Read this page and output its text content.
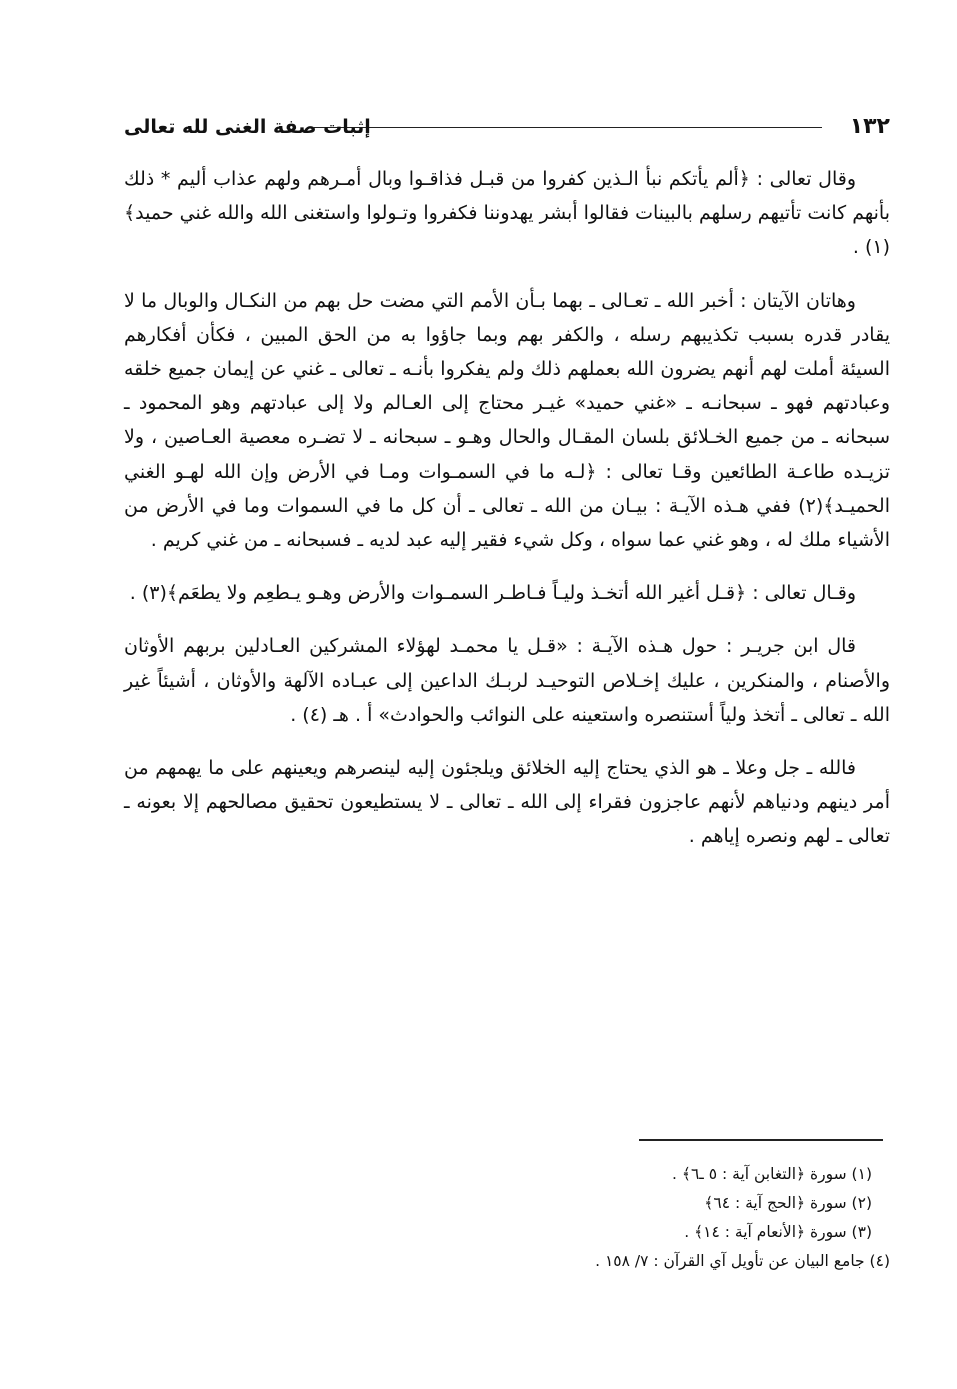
١٣٢
إثبات صفة الغنى لله تعالى

وقال تعالى : ﴿ألم يأتكم نبأ الـذين كفروا من قبـل فذاقـوا وبال أمـرهم ولهم عذاب أليم * ذلك بأنهم كانت تأتيهم رسلهم بالبينات فقالوا أبشر يهدوننا فكفروا وتـولوا واستغنى الله والله غني حميد﴾(١) .

وهاتان الآيتان : أخبر الله ـ تعـالى ـ بهما بـأن الأمم التي مضت حل بهم من النكـال والوبال ما لا يقادر قدره بسبب تكذيبهم رسله ، والكفر بهم وبما جاؤوا به من الحق المبين ، فكأن أفكارهم السيئة أملت لهم أنهم يضرون الله بعملهم ذلك ولم يفكروا بأنـه ـ تعالى ـ غني عن إيمان جميع خلقه وعبادتهم فهو ـ سبحانـه ـ «غني حميد» غيـر محتاج إلى العـالم ولا إلى عبادتهم وهو المحمود ـ سبحانه ـ من جميع الخـلائق بلسان المقـال والحال وهـو ـ سبحانه ـ لا تضـره معصية العـاصين ، ولا تزيـده طاعـة الطائعين وقـا تعالى : ﴿لـه ما في السمـوات ومـا في الأرض وإن الله لهـو الغني الحميـد﴾(٢) ففي هـذه الآيـة : بيـان من الله ـ تعالى ـ أن كل ما في السموات وما في الأرض من الأشياء ملك له ، وهو غني عما سواه ، وكل شيء فقير إليه عبد لديه ـ فسبحانه ـ من غني كريم .

وقـال تعالى : ﴿قـل أغير الله أتخـذ وليـاً فـاطـر السمـوات والأرض وهـو يـطعِم ولا يطعَم﴾(٣) .

قال ابن جريـر : حول هـذه الآيـة : «قـل يا محمـد لهؤلاء المشركين العـادلين بربهم الأوثان والأصنام ، والمنكرين ، عليك إخـلاص التوحيـد لربـك الداعين إلى عبـاده الآلهة والأوثان ، أشيئاً غير الله ـ تعالى ـ أتخذ ولياً أستنصره واستعينه على النوائب والحوادث» أ . هـ (٤) .

فالله ـ جل وعلا ـ هو الذي يحتاج إليه الخلائق ويلجئون إليه لينصرهم ويعينهم على ما يهمهم من أمر دينهم ودنياهم لأنهم عاجزون فقراء إلى الله ـ تعالى ـ لا يستطيعون تحقيق مصالحهم إلا بعونه ـ تعالى ـ لهم ونصره إياهم .

(١) سورة ﴿التغابن آية : ٥ ـ٦﴾ .
(٢) سورة ﴿الحج آية : ٦٤﴾
(٣) سورة ﴿الأنعام آية : ١٤﴾ .
(٤) جامع البيان عن تأويل آي القرآن : ٧/ ١٥٨ .
